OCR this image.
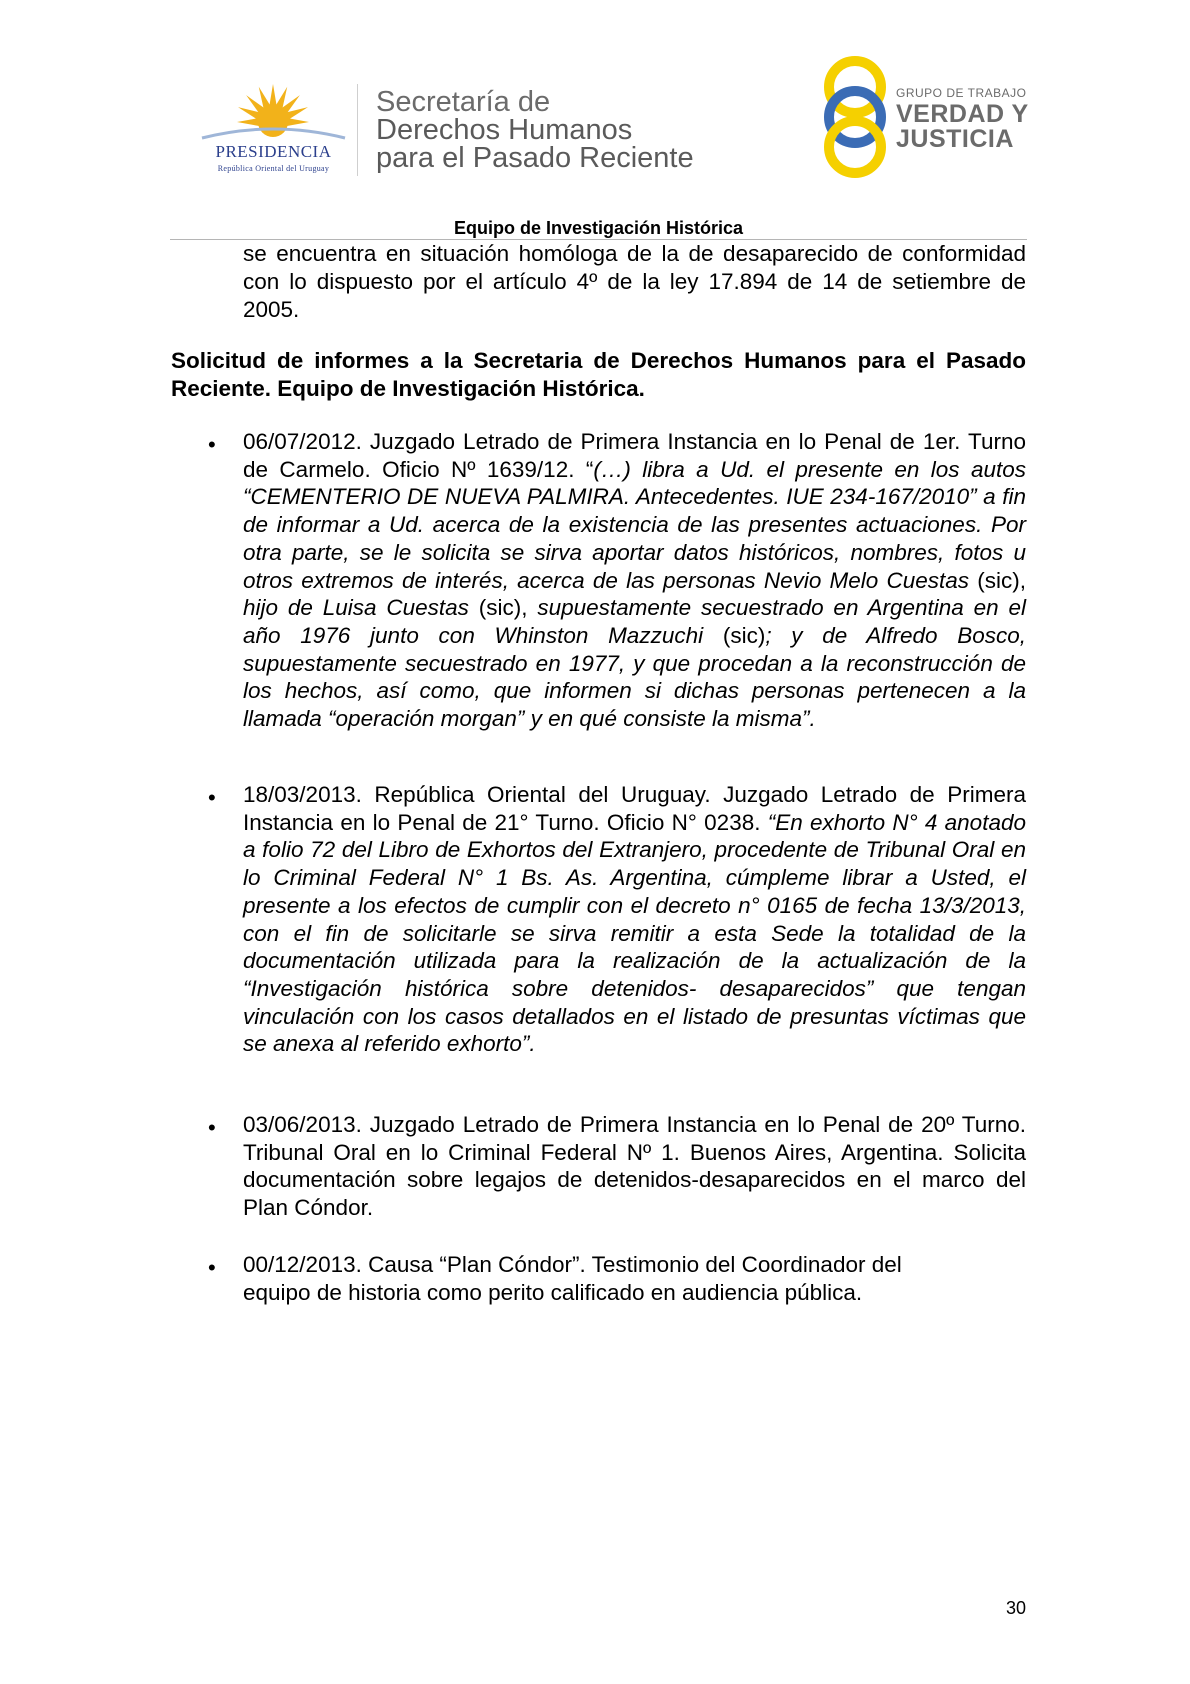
PRESIDENCIA
República Oriental del Uruguay
Secretaría de
Derechos Humanos
para el Pasado Reciente
GRUPO DE TRABAJO
VERDAD Y
JUSTICIA
Equipo de Investigación Histórica
se encuentra en situación homóloga de la de desaparecido de conformidad con lo dispuesto por el artículo 4º de la ley 17.894 de 14 de setiembre de 2005.
Solicitud de informes a la Secretaria de Derechos Humanos para el Pasado Reciente. Equipo de Investigación Histórica.
• 06/07/2012. Juzgado Letrado de Primera Instancia en lo Penal de 1er. Turno de Carmelo. Oficio Nº 1639/12. “(…) libra a Ud. el presente en los autos “CEMENTERIO DE NUEVA PALMIRA. Antecedentes. IUE 234-167/2010” a fin de informar a Ud. acerca de la existencia de las presentes actuaciones. Por otra parte, se le solicita se sirva aportar datos históricos, nombres, fotos u otros extremos de interés, acerca de las personas Nevio Melo Cuestas (sic), hijo de Luisa Cuestas (sic), supuestamente secuestrado en Argentina en el año 1976 junto con Whinston Mazzuchi (sic); y de Alfredo Bosco, supuestamente secuestrado en 1977, y que procedan a la reconstrucción de los hechos, así como, que informen si dichas personas pertenecen a la llamada “operación morgan” y en qué consiste la misma”.
• 18/03/2013. República Oriental del Uruguay. Juzgado Letrado de Primera Instancia en lo Penal de 21° Turno. Oficio N° 0238. “En exhorto N° 4 anotado a folio 72 del Libro de Exhortos del Extranjero, procedente de Tribunal Oral en lo Criminal Federal N° 1 Bs. As. Argentina, cúmpleme librar a Usted, el presente a los efectos de cumplir con el decreto n° 0165 de fecha 13/3/2013, con el fin de solicitarle se sirva remitir a esta Sede la totalidad de la documentación utilizada para la realización de la actualización de la “Investigación histórica sobre detenidos- desaparecidos” que tengan vinculación con los casos detallados en el listado de presuntas víctimas que se anexa al referido exhorto”.
• 03/06/2013. Juzgado Letrado de Primera Instancia en lo Penal de 20º Turno. Tribunal Oral en lo Criminal Federal Nº 1. Buenos Aires, Argentina. Solicita documentación sobre legajos de detenidos-desaparecidos en el marco del Plan Cóndor.
• 00/12/2013. Causa “Plan Cóndor”. Testimonio del Coordinador del equipo de historia como perito calificado en audiencia pública.
30
